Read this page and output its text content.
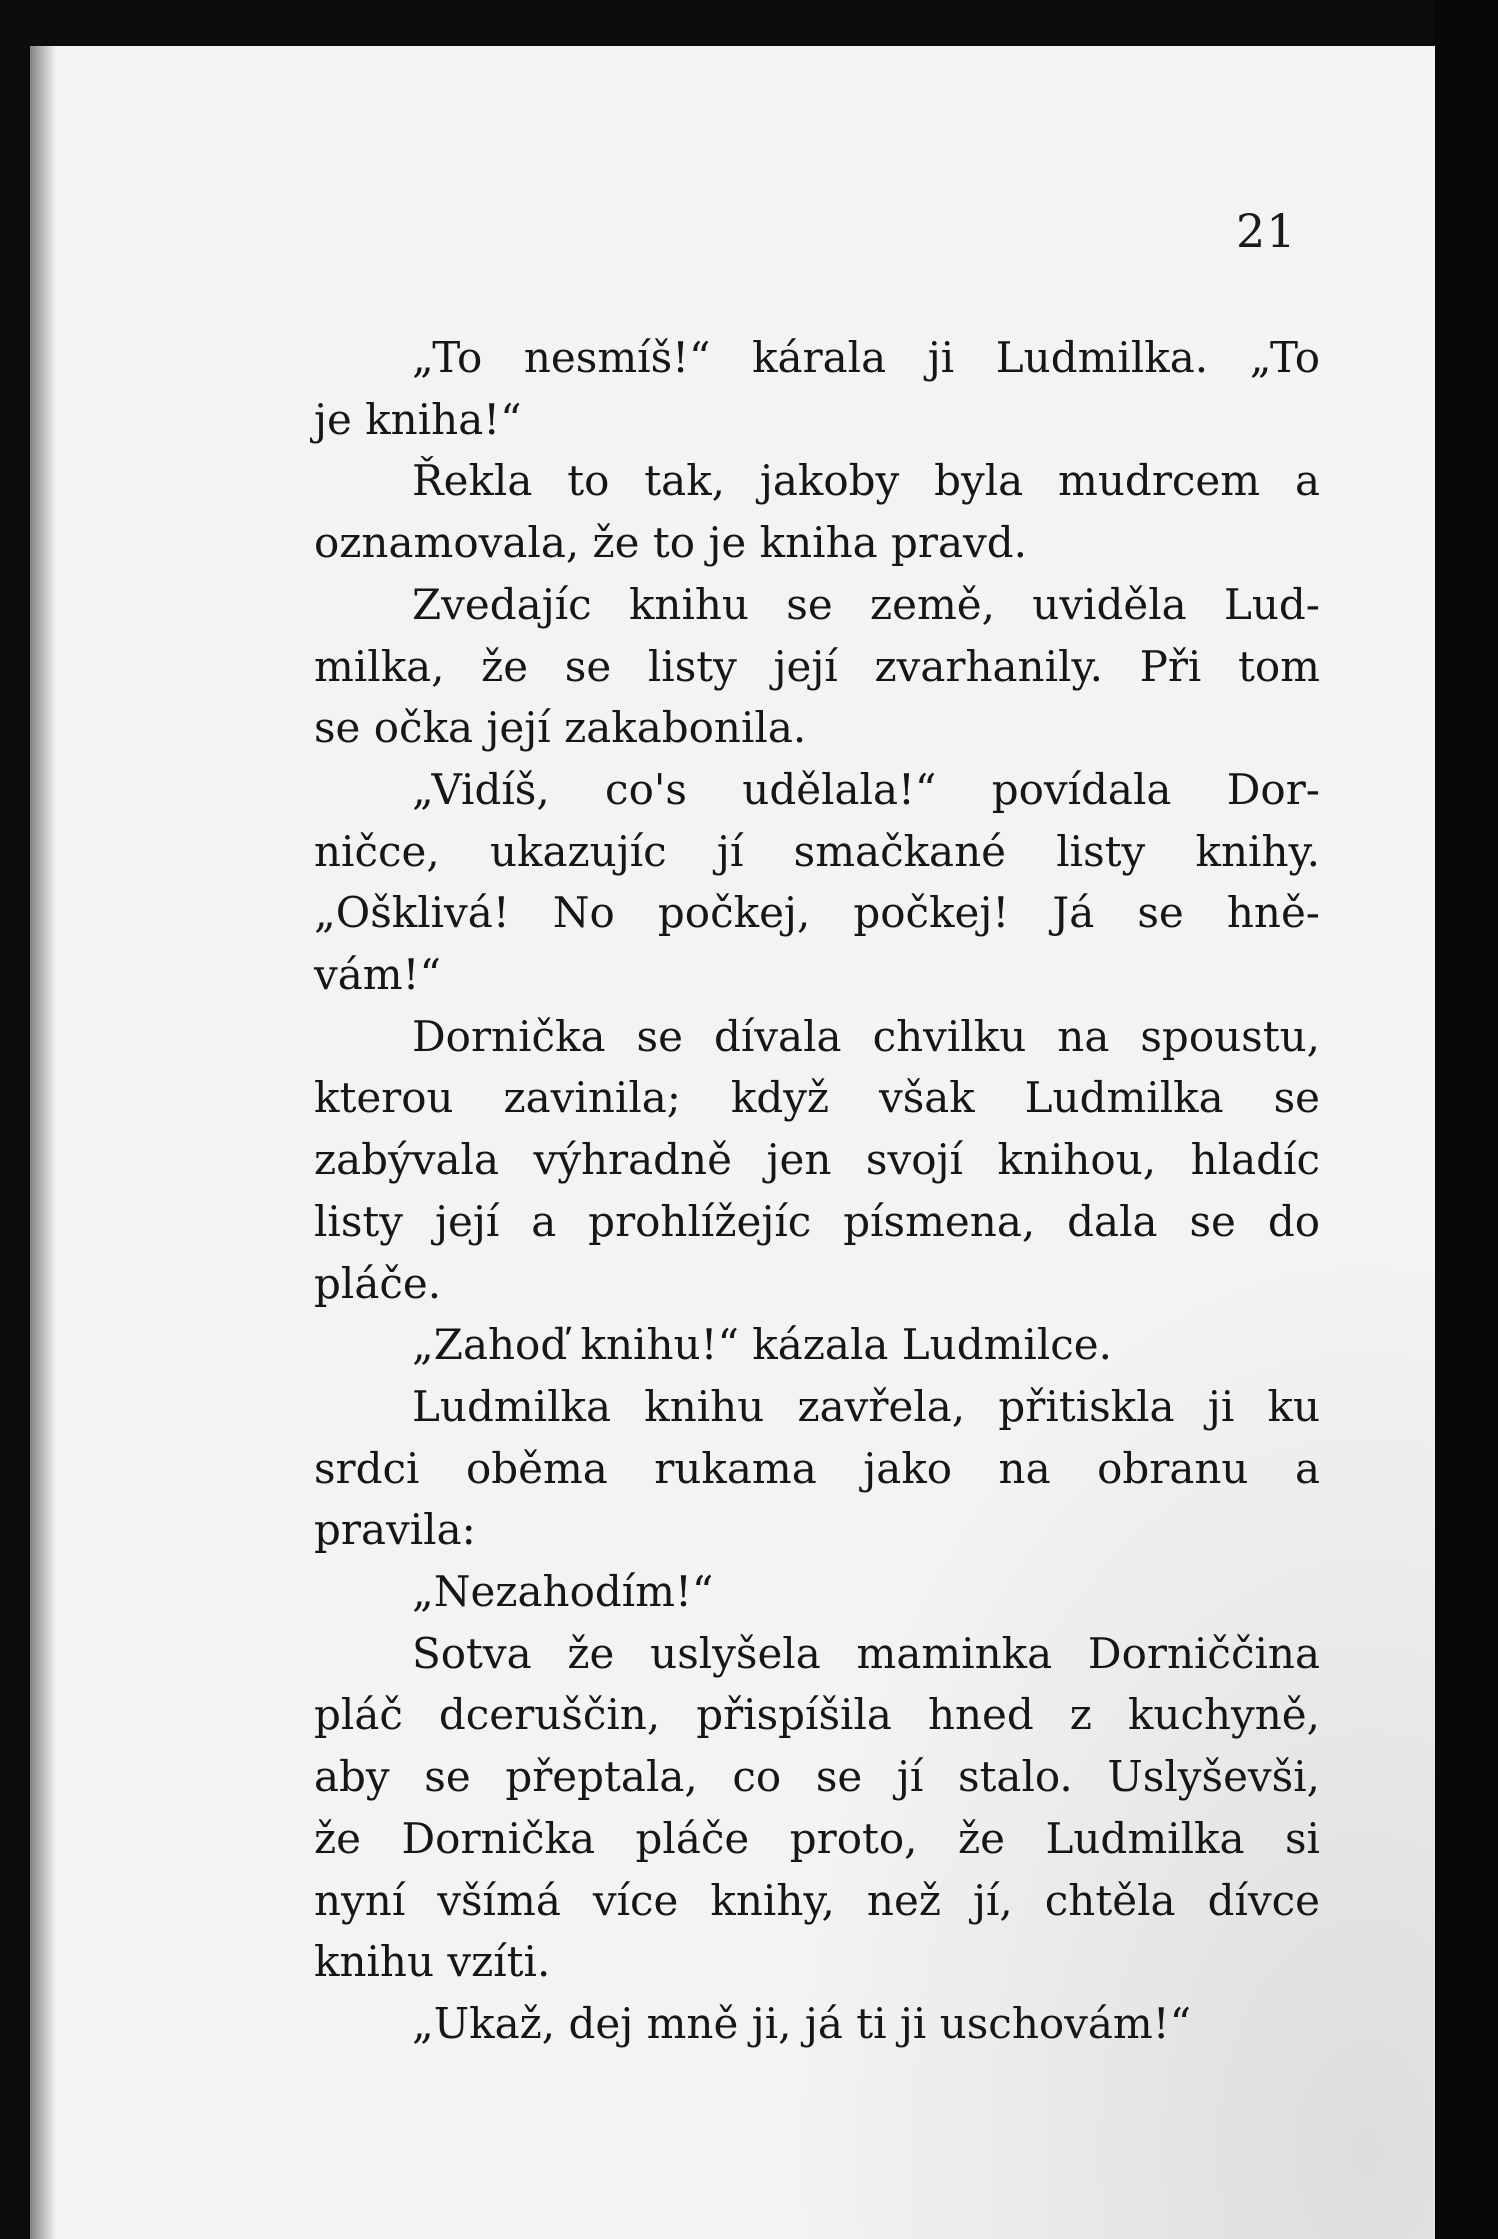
21
„To nesmíš!“ kárala ji Ludmilka. „To
je kniha!“
Řekla to tak, jakoby byla mudrcem a
oznamovala, že to je kniha pravd.
Zvedajíc knihu se země, uviděla Lud-
milka, že se listy její zvarhanily. Při tom
se očka její zakabonila.
„Vidíš, co's udělala!“ povídala Dor-
ničce, ukazujíc jí smačkané listy knihy.
„Ošklivá! No počkej, počkej! Já se hně-
vám!“
Dornička se dívala chvilku na spoustu,
kterou zavinila; když však Ludmilka se
zabývala výhradně jen svojí knihou, hladíc
listy její a prohlížejíc písmena, dala se do
pláče.
„Zahoď knihu!“ kázala Ludmilce.
Ludmilka knihu zavřela, přitiskla ji ku
srdci oběma rukama jako na obranu a
pravila:
„Nezahodím!“
Sotva že uslyšela maminka Dorniččina
pláč dceruščin, přispíšila hned z kuchyně,
aby se přeptala, co se jí stalo. Uslyševši,
že Dornička pláče proto, že Ludmilka si
nyní všímá více knihy, než jí, chtěla dívce
knihu vzíti.
„Ukaž, dej mně ji, já ti ji uschovám!“
